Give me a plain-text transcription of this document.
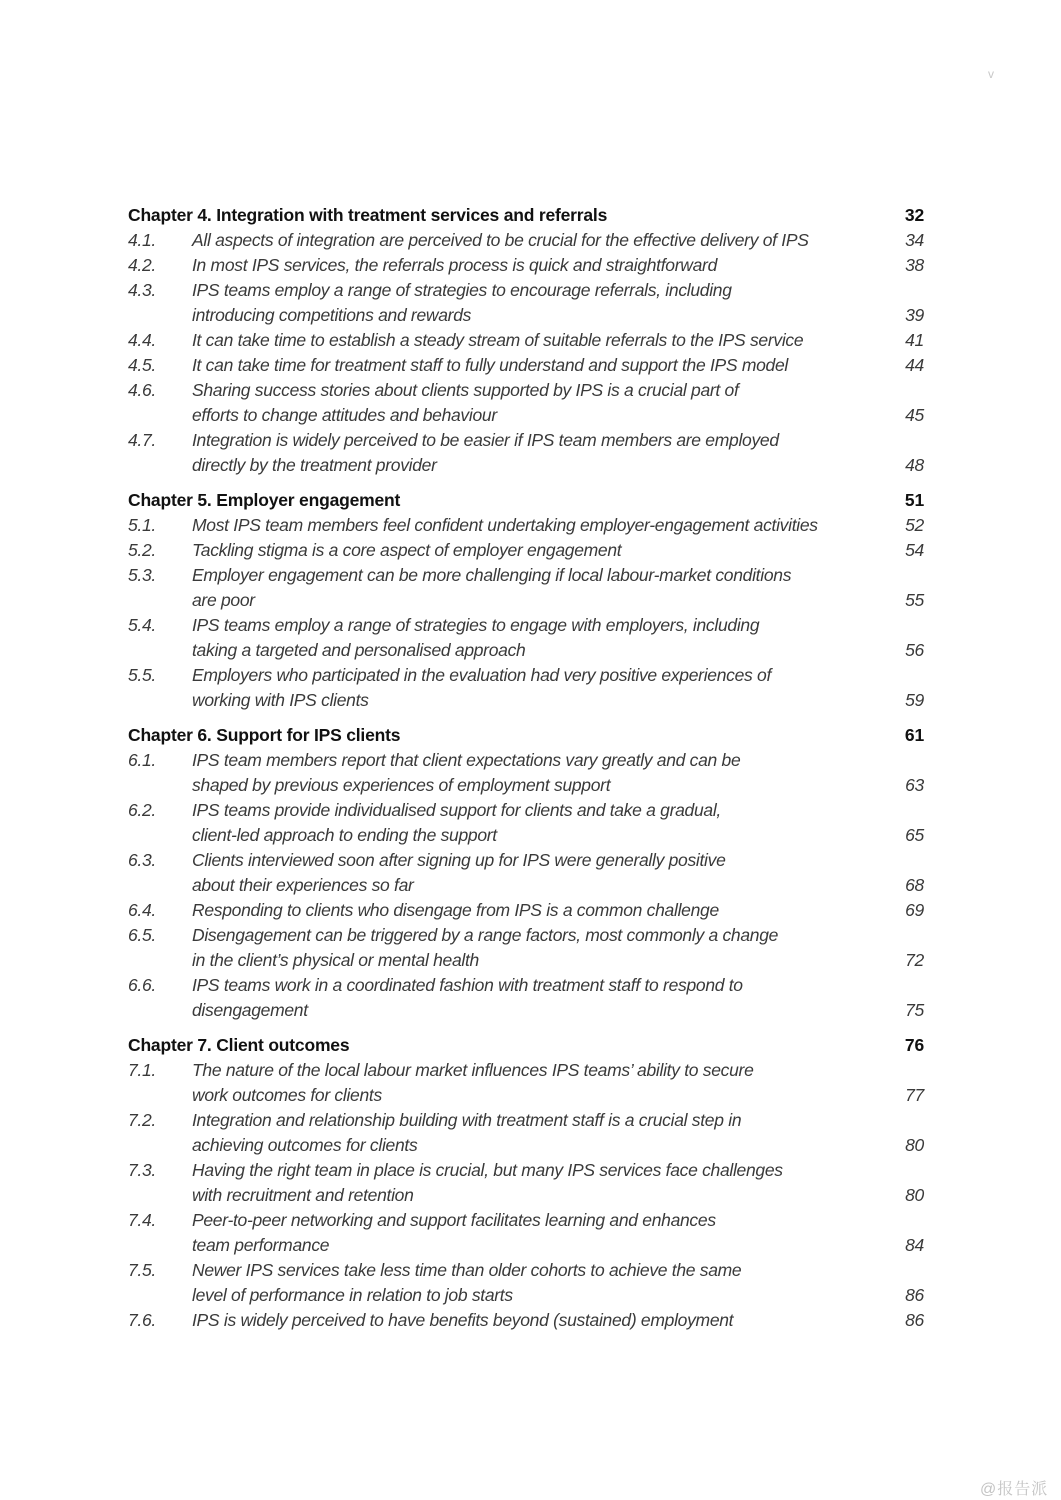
v
Chapter 4. Integration with treatment services and referrals	32
4.1.	All aspects of integration are perceived to be crucial for the effective delivery of IPS	34
4.2.	In most IPS services, the referrals process is quick and straightforward	38
4.3.	IPS teams employ a range of strategies to encourage referrals, including
introducing competitions and rewards	39
4.4.	It can take time to establish a steady stream of suitable referrals to the IPS service	41
4.5.	It can take time for treatment staff to fully understand and support the IPS model	44
4.6.	Sharing success stories about clients supported by IPS is a crucial part of
efforts to change attitudes and behaviour	45
4.7.	Integration is widely perceived to be easier if IPS team members are employed
directly by the treatment provider	48
Chapter 5. Employer engagement	51
5.1.	Most IPS team members feel confident undertaking employer-engagement activities	52
5.2.	Tackling stigma is a core aspect of employer engagement	54
5.3.	Employer engagement can be more challenging if local labour-market conditions
are poor	55
5.4.	IPS teams employ a range of strategies to engage with employers, including
taking a targeted and personalised approach	56
5.5.	Employers who participated in the evaluation had very positive experiences of
working with IPS clients	59
Chapter 6. Support for IPS clients	61
6.1.	IPS team members report that client expectations vary greatly and can be
shaped by previous experiences of employment support	63
6.2.	IPS teams provide individualised support for clients and take a gradual,
client-led approach to ending the support	65
6.3.	Clients interviewed soon after signing up for IPS were generally positive
about their experiences so far	68
6.4.	Responding to clients who disengage from IPS is a common challenge	69
6.5.	Disengagement can be triggered by a range factors, most commonly a change
in the client’s physical or mental health	72
6.6.	IPS teams work in a coordinated fashion with treatment staff to respond to
disengagement	75
Chapter 7. Client outcomes	76
7.1.	The nature of the local labour market influences IPS teams’ ability to secure
work outcomes for clients	77
7.2.	Integration and relationship building with treatment staff is a crucial step in
achieving outcomes for clients	80
7.3.	Having the right team in place is crucial, but many IPS services face challenges
with recruitment and retention	80
7.4.	Peer-to-peer networking and support facilitates learning and enhances
team performance	84
7.5.	Newer IPS services take less time than older cohorts to achieve the same
level of performance in relation to job starts	86
7.6.	IPS is widely perceived to have benefits beyond (sustained) employment	86
@报告派
